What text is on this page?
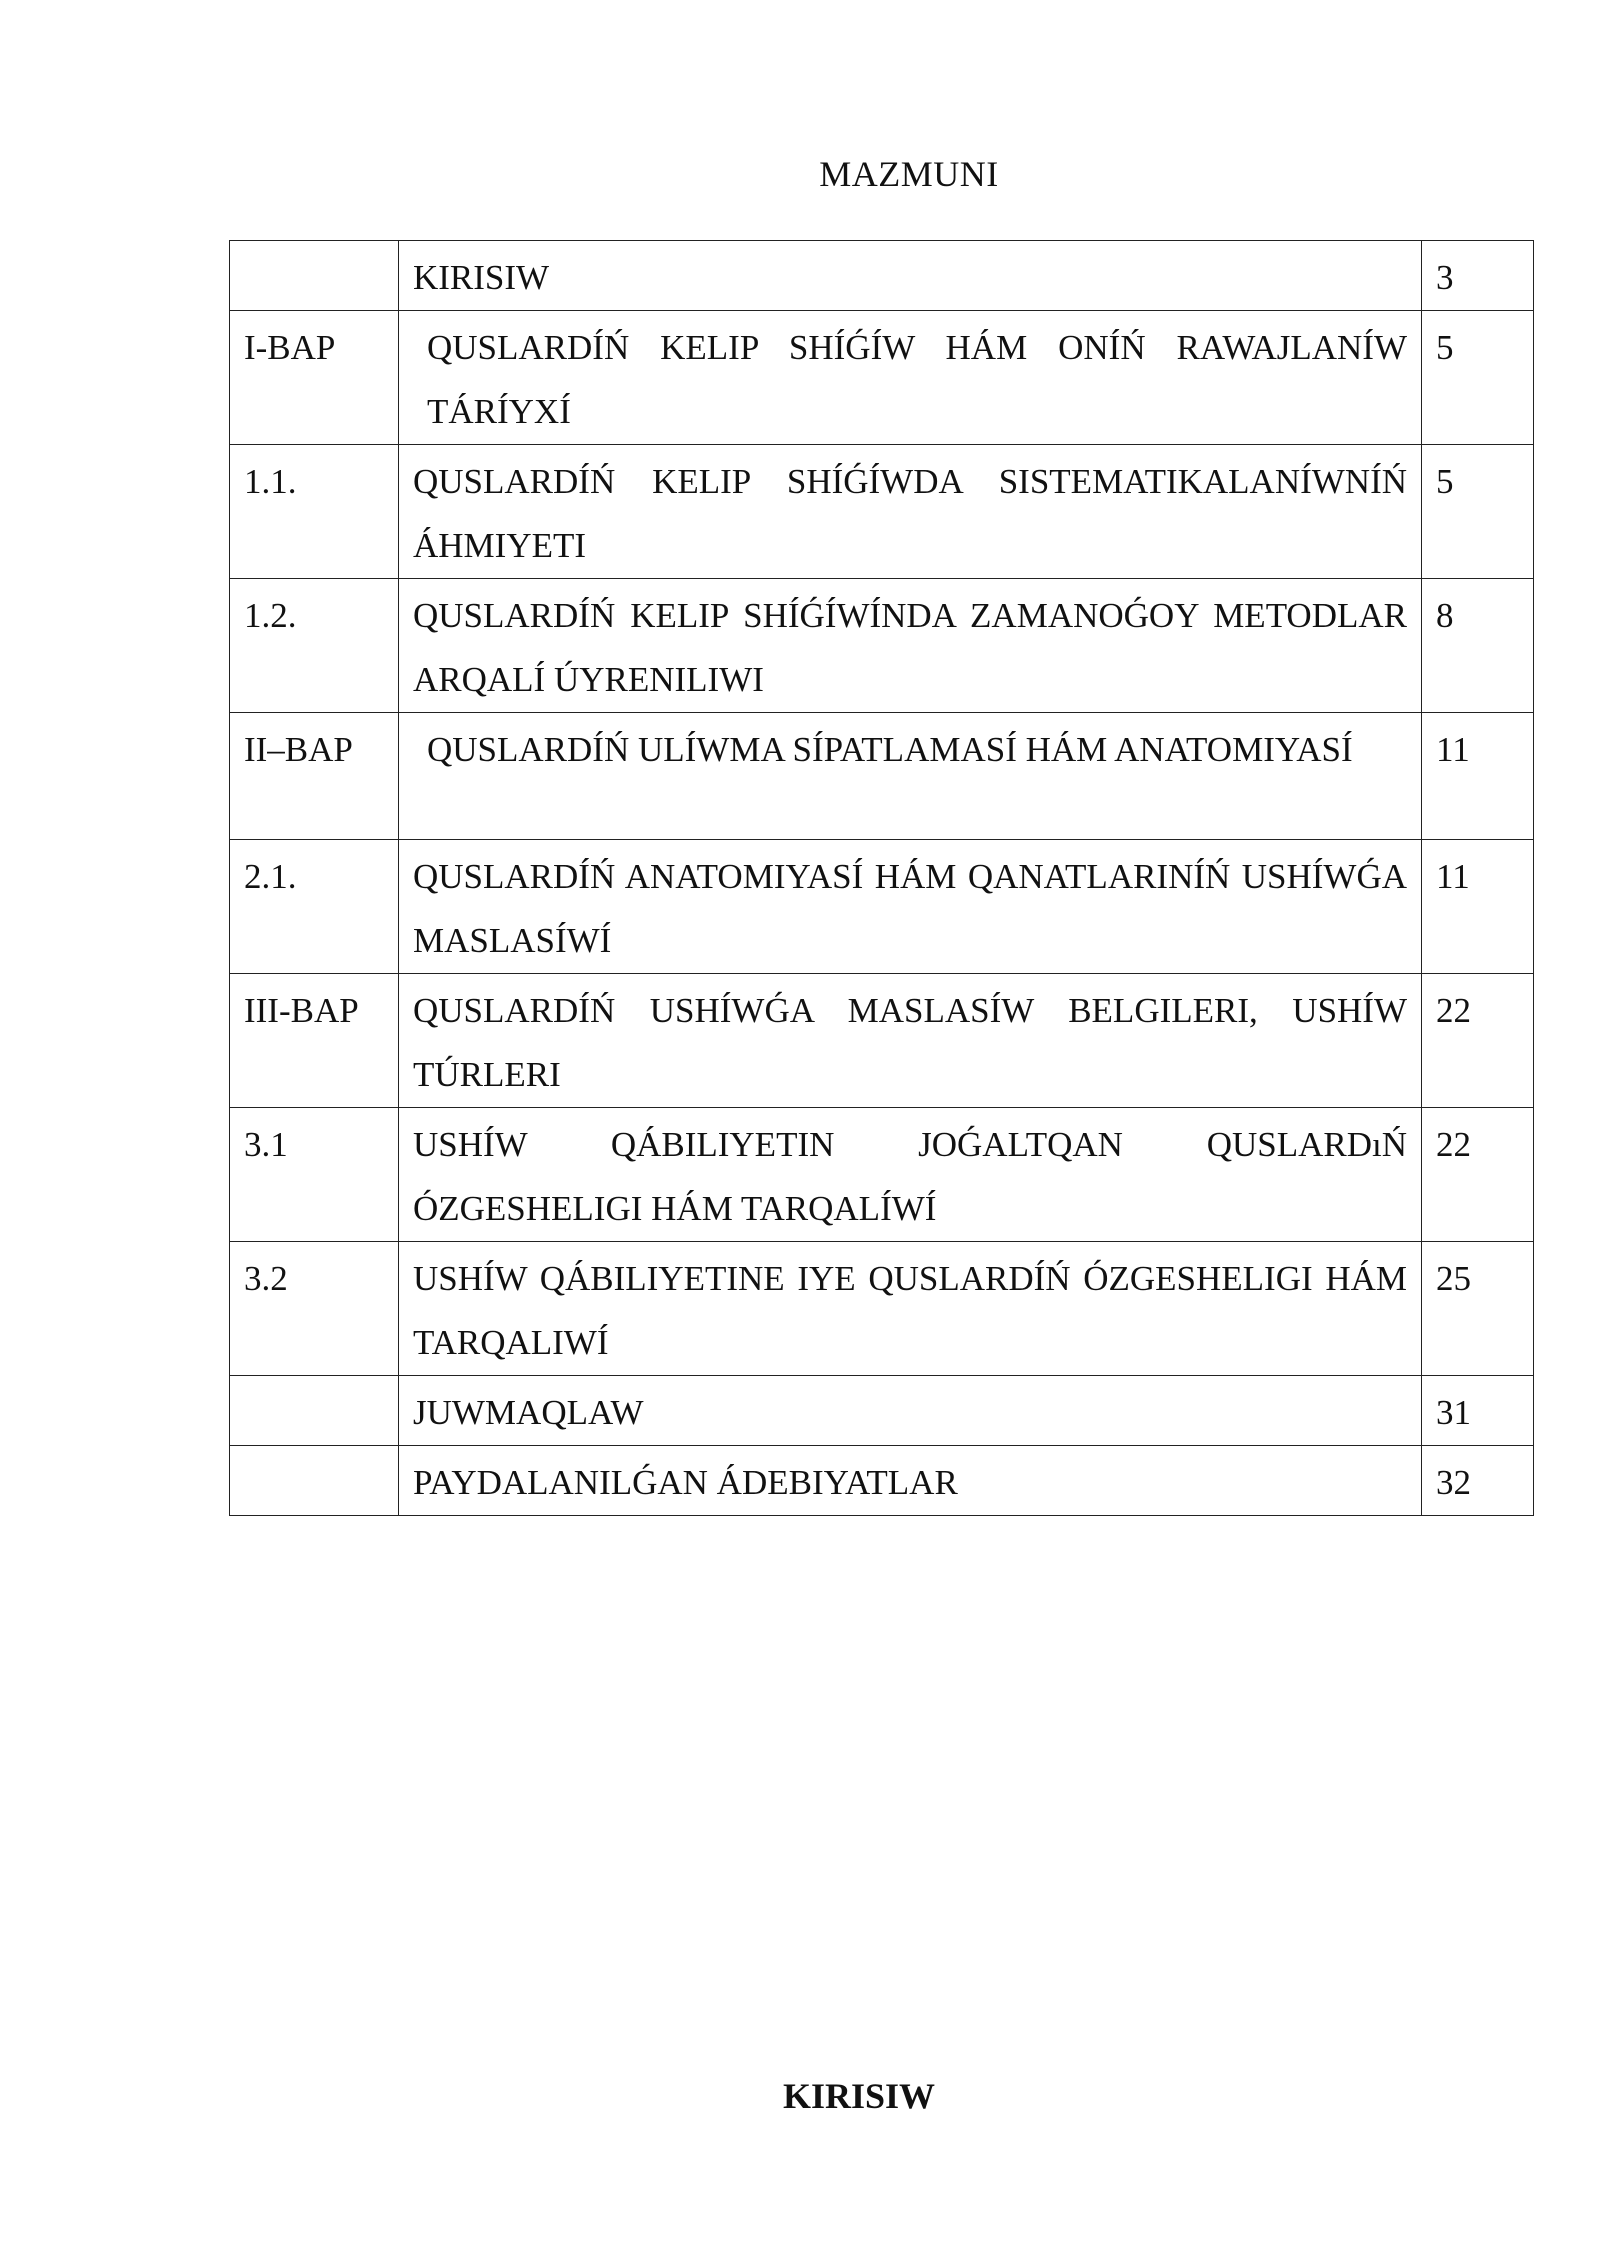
MAZMUNI
	KIRISIW	3
I-BAP	QUSLARDÍŃ KELIP SHÍǴÍW HÁM ONÍŃ RAWAJLANÍW TÁRÍYXÍ	5
1.1.	QUSLARDÍŃ KELIP SHÍǴÍWDA SISTEMATIKALANÍWNÍŃ ÁHMIYETI	5
1.2.	QUSLARDÍŃ KELIP SHÍǴÍWÍNDA ZAMANOǴOY METODLAR ARQALÍ ÚYRENILIWI	8
II–BAP	QUSLARDÍŃ ULÍWMA SÍPATLAMASÍ HÁM ANATOMIYASÍ	11
2.1.	QUSLARDÍŃ ANATOMIYASÍ HÁM QANATLARINÍŃ USHÍWǴA MASLASÍWÍ	11
III-BAP	QUSLARDÍŃ USHÍWǴA MASLASÍW BELGILERI, USHÍW TÚRLERI	22
3.1	USHÍW QÁBILIYETIN JOǴALTQAN QUSLARDıŃ ÓZGESHELIGI HÁM TARQALÍWÍ	22
3.2	USHÍW QÁBILIYETINE IYE QUSLARDÍŃ ÓZGESHELIGI HÁM TARQALIWÍ	25
	JUWMAQLAW	31
	PAYDALANILǴAN ÁDEBIYATLAR	32
KIRISIW
